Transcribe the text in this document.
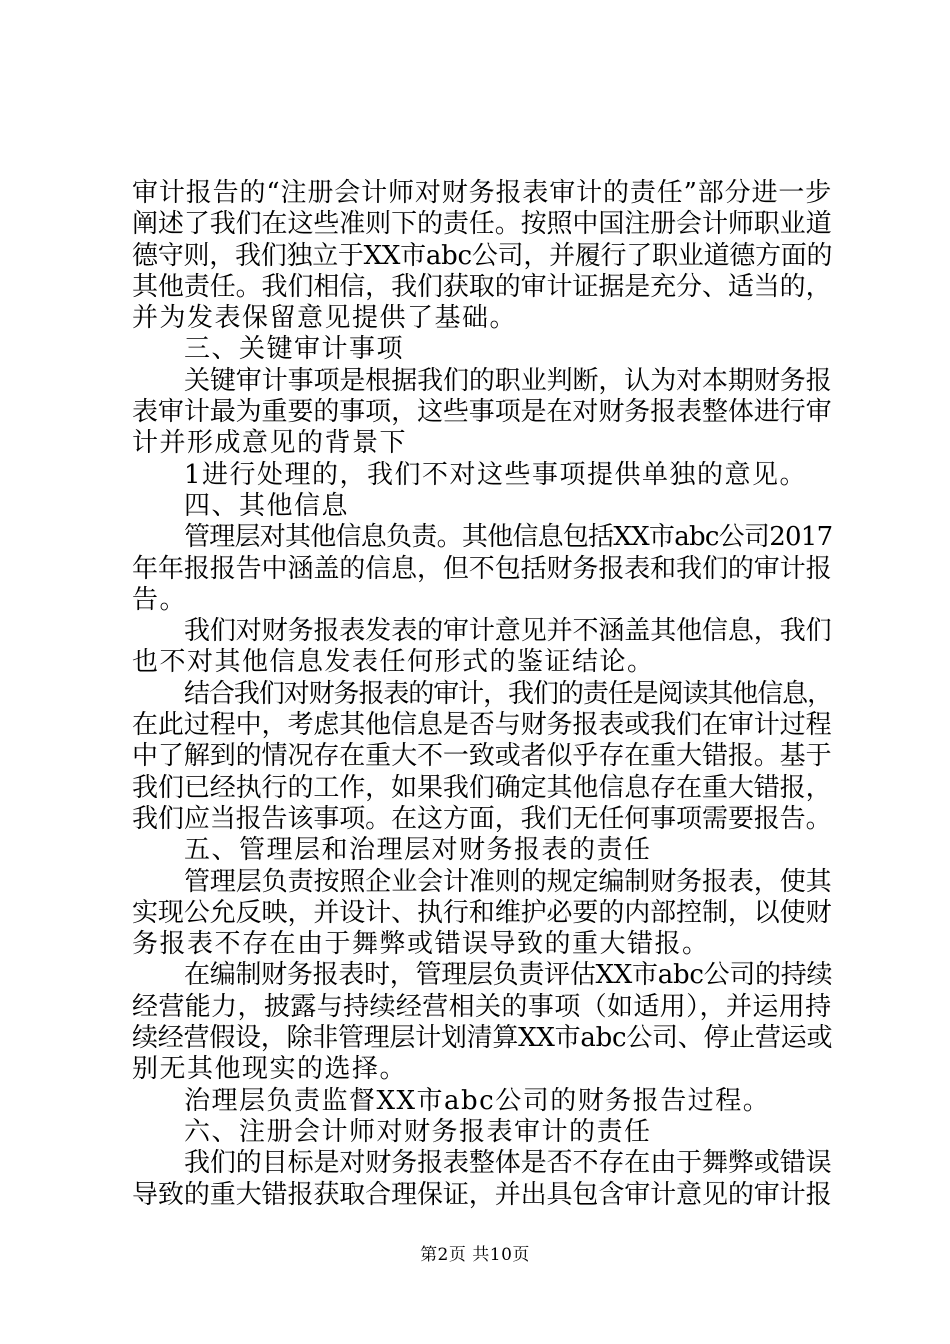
审计报告的“注册会计师对财务报表审计的责任”部分进一步
阐述了我们在这些准则下的责任。按照中国注册会计师职业道
德守则，我们独立于XX市abc公司，并履行了职业道德方面的
其他责任。我们相信，我们获取的审计证据是充分、适当的，
并为发表保留意见提供了基础。
三、关键审计事项
关键审计事项是根据我们的职业判断，认为对本期财务报
表审计最为重要的事项，这些事项是在对财务报表整体进行审
计并形成意见的背景下
1进行处理的，我们不对这些事项提供单独的意见。
四、其他信息
管理层对其他信息负责。其他信息包括XX市abc公司2017
年年报报告中涵盖的信息，但不包括财务报表和我们的审计报
告。
我们对财务报表发表的审计意见并不涵盖其他信息，我们
也不对其他信息发表任何形式的鉴证结论。
结合我们对财务报表的审计，我们的责任是阅读其他信息，
在此过程中，考虑其他信息是否与财务报表或我们在审计过程
中了解到的情况存在重大不一致或者似乎存在重大错报。基于
我们已经执行的工作，如果我们确定其他信息存在重大错报，
我们应当报告该事项。在这方面，我们无任何事项需要报告。
五、管理层和治理层对财务报表的责任
管理层负责按照企业会计准则的规定编制财务报表，使其
实现公允反映，并设计、执行和维护必要的内部控制，以使财
务报表不存在由于舞弊或错误导致的重大错报。
在编制财务报表时，管理层负责评估XX市abc公司的持续
经营能力，披露与持续经营相关的事项（如适用），并运用持
续经营假设，除非管理层计划清算XX市abc公司、停止营运或
别无其他现实的选择。
治理层负责监督XX市abc公司的财务报告过程。
六、注册会计师对财务报表审计的责任
我们的目标是对财务报表整体是否不存在由于舞弊或错误
导致的重大错报获取合理保证，并出具包含审计意见的审计报
第2页 共10页
